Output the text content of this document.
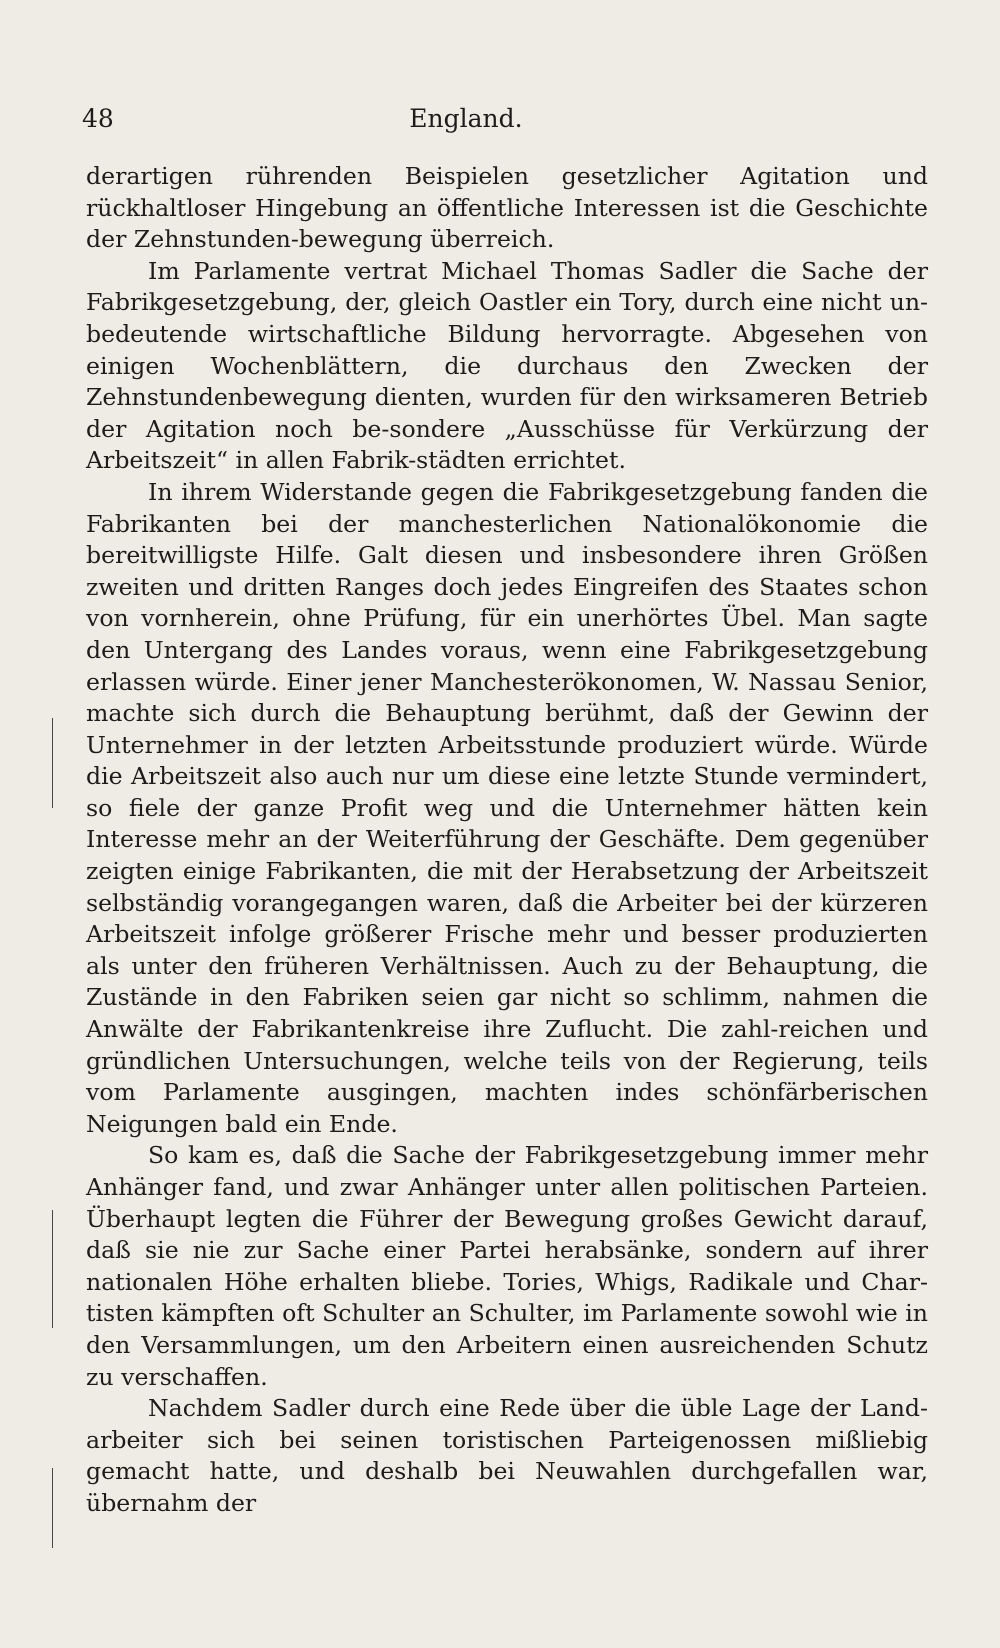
48	England.

derartigen rührenden Beispielen gesetzlicher Agitation und rückhaltloser Hingebung an öffentliche Interessen ist die Geschichte der Zehnstunden-bewegung überreich.

Im Parlamente vertrat Michael Thomas Sadler die Sache der Fabrikgesetzgebung, der, gleich Oastler ein Tory, durch eine nicht un-bedeutende wirtschaftliche Bildung hervorragte. Abgesehen von einigen Wochenblättern, die durchaus den Zwecken der Zehnstundenbewegung dienten, wurden für den wirksameren Betrieb der Agitation noch be-sondere „Ausschüsse für Verkürzung der Arbeitszeit“ in allen Fabrik-städten errichtet.

In ihrem Widerstande gegen die Fabrikgesetzgebung fanden die Fabrikanten bei der manchesterlichen Nationalökonomie die bereitwilligste Hilfe. Galt diesen und insbesondere ihren Größen zweiten und dritten Ranges doch jedes Eingreifen des Staates schon von vornherein, ohne Prüfung, für ein unerhörtes Übel. Man sagte den Untergang des Landes voraus, wenn eine Fabrikgesetzgebung erlassen würde. Einer jener Manchesterökonomen, W. Nassau Senior, machte sich durch die Behauptung berühmt, daß der Gewinn der Unternehmer in der letzten Arbeitsstunde produziert würde. Würde die Arbeitszeit also auch nur um diese eine letzte Stunde vermindert, so fiele der ganze Profit weg und die Unternehmer hätten kein Interesse mehr an der Weiterführung der Geschäfte. Dem gegenüber zeigten einige Fabrikanten, die mit der Herabsetzung der Arbeitszeit selbständig vorangegangen waren, daß die Arbeiter bei der kürzeren Arbeitszeit infolge größerer Frische mehr und besser produzierten als unter den früheren Verhältnissen. Auch zu der Behauptung, die Zustände in den Fabriken seien gar nicht so schlimm, nahmen die Anwälte der Fabrikantenkreise ihre Zuflucht. Die zahl-reichen und gründlichen Untersuchungen, welche teils von der Regierung, teils vom Parlamente ausgingen, machten indes schönfärberischen Neigungen bald ein Ende.

So kam es, daß die Sache der Fabrikgesetzgebung immer mehr Anhänger fand, und zwar Anhänger unter allen politischen Parteien. Überhaupt legten die Führer der Bewegung großes Gewicht darauf, daß sie nie zur Sache einer Partei herabsänke, sondern auf ihrer nationalen Höhe erhalten bliebe. Tories, Whigs, Radikale und Char-tisten kämpften oft Schulter an Schulter, im Parlamente sowohl wie in den Versammlungen, um den Arbeitern einen ausreichenden Schutz zu verschaffen.

Nachdem Sadler durch eine Rede über die üble Lage der Land-arbeiter sich bei seinen toristischen Parteigenossen mißliebig gemacht hatte, und deshalb bei Neuwahlen durchgefallen war, übernahm der
